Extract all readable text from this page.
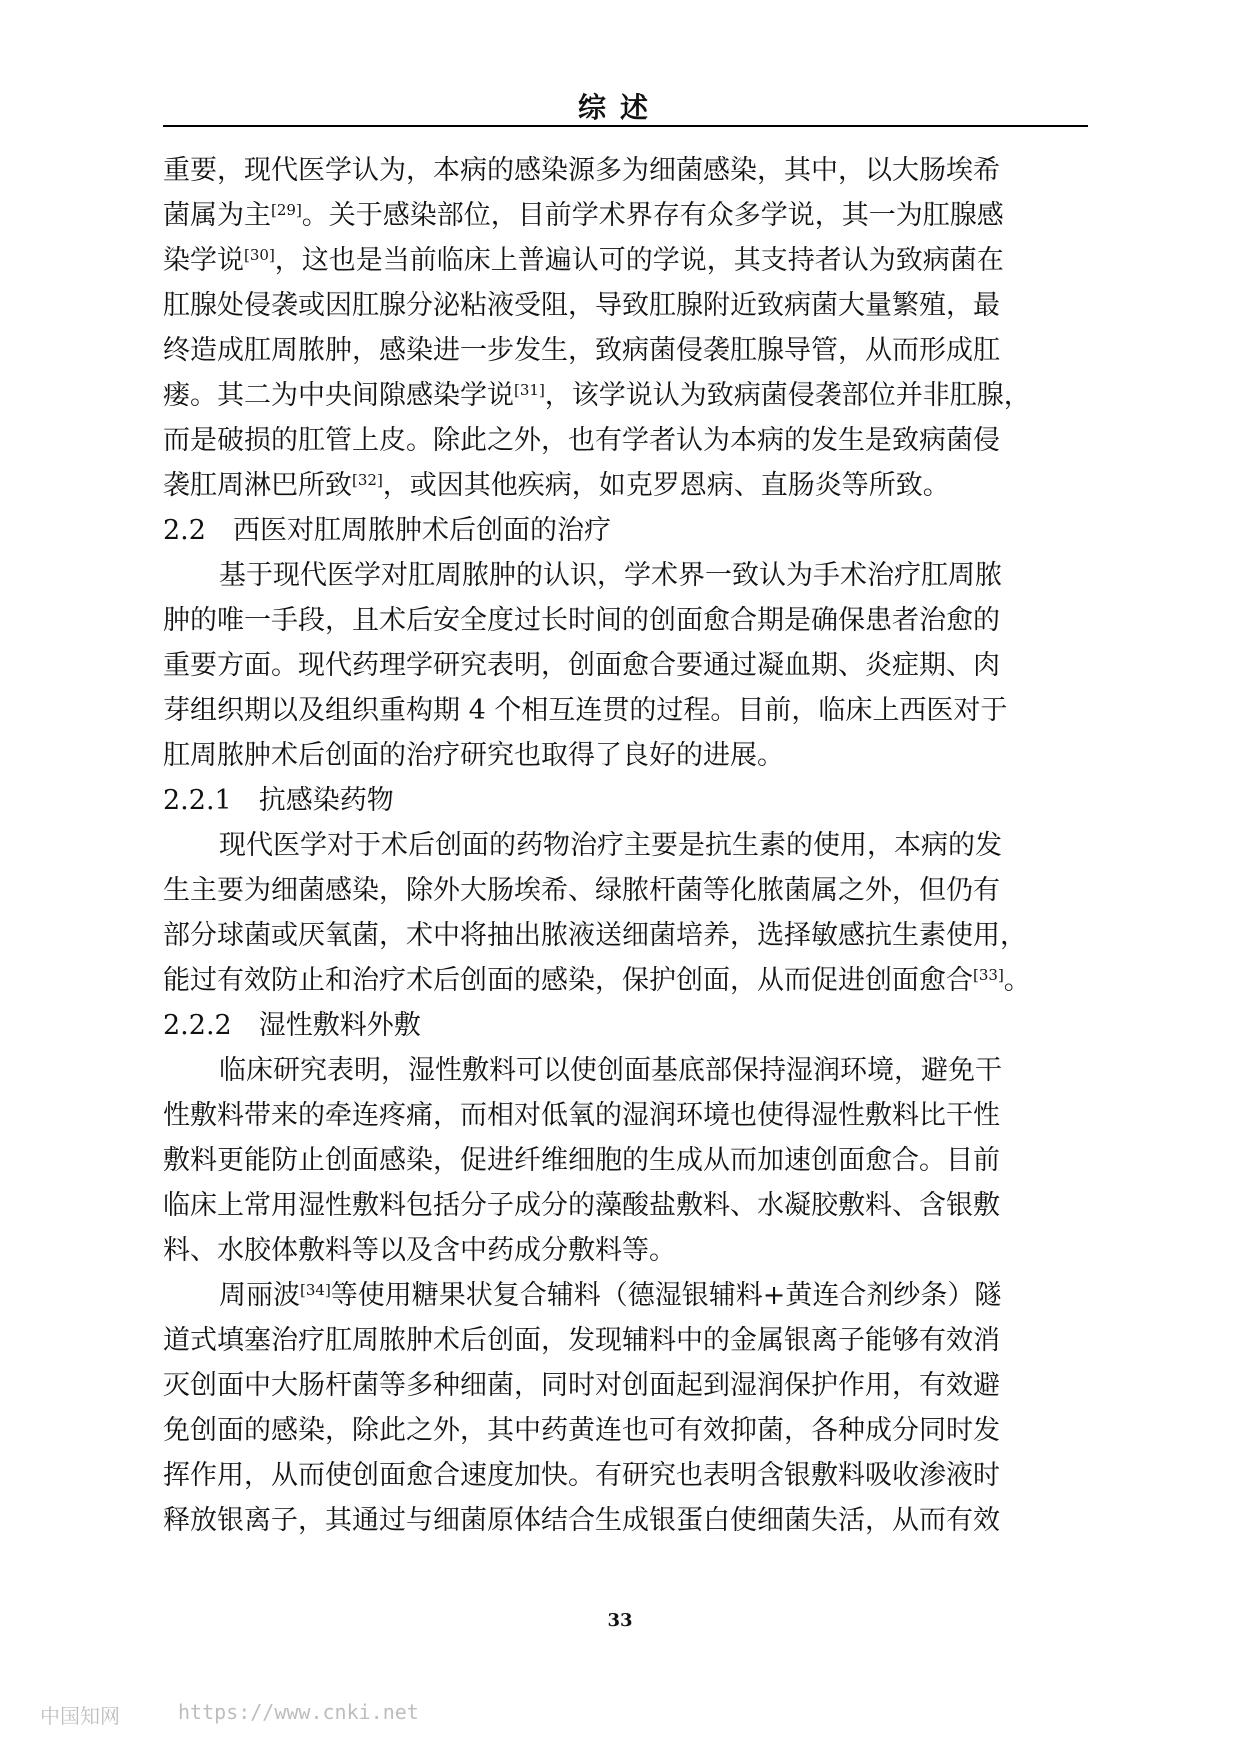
综述
重要，现代医学认为，本病的感染源多为细菌感染，其中，以大肠埃希
菌属为主[29]。关于感染部位，目前学术界存有众多学说，其一为肛腺感
染学说[30]，这也是当前临床上普遍认可的学说，其支持者认为致病菌在
肛腺处侵袭或因肛腺分泌粘液受阻，导致肛腺附近致病菌大量繁殖，最
终造成肛周脓肿，感染进一步发生，致病菌侵袭肛腺导管，从而形成肛
瘘。其二为中央间隙感染学说[31]，该学说认为致病菌侵袭部位并非肛腺，
而是破损的肛管上皮。除此之外，也有学者认为本病的发生是致病菌侵
袭肛周淋巴所致[32]，或因其他疾病，如克罗恩病、直肠炎等所致。
2.2　西医对肛周脓肿术后创面的治疗
基于现代医学对肛周脓肿的认识，学术界一致认为手术治疗肛周脓
肿的唯一手段，且术后安全度过长时间的创面愈合期是确保患者治愈的
重要方面。现代药理学研究表明，创面愈合要通过凝血期、炎症期、肉
芽组织期以及组织重构期 4 个相互连贯的过程。目前，临床上西医对于
肛周脓肿术后创面的治疗研究也取得了良好的进展。
2.2.1　抗感染药物
现代医学对于术后创面的药物治疗主要是抗生素的使用，本病的发
生主要为细菌感染，除外大肠埃希、绿脓杆菌等化脓菌属之外，但仍有
部分球菌或厌氧菌，术中将抽出脓液送细菌培养，选择敏感抗生素使用，
能过有效防止和治疗术后创面的感染，保护创面，从而促进创面愈合[33]。
2.2.2　湿性敷料外敷
临床研究表明，湿性敷料可以使创面基底部保持湿润环境，避免干
性敷料带来的牵连疼痛，而相对低氧的湿润环境也使得湿性敷料比干性
敷料更能防止创面感染，促进纤维细胞的生成从而加速创面愈合。目前
临床上常用湿性敷料包括分子成分的藻酸盐敷料、水凝胶敷料、含银敷
料、水胶体敷料等以及含中药成分敷料等。
周丽波[34]等使用糖果状复合辅料（德湿银辅料+黄连合剂纱条）隧
道式填塞治疗肛周脓肿术后创面，发现辅料中的金属银离子能够有效消
灭创面中大肠杆菌等多种细菌，同时对创面起到湿润保护作用，有效避
免创面的感染，除此之外，其中药黄连也可有效抑菌，各种成分同时发
挥作用，从而使创面愈合速度加快。有研究也表明含银敷料吸收渗液时
释放银离子，其通过与细菌原体结合生成银蛋白使细菌失活，从而有效
33
中国知网	https://www.cnki.net
